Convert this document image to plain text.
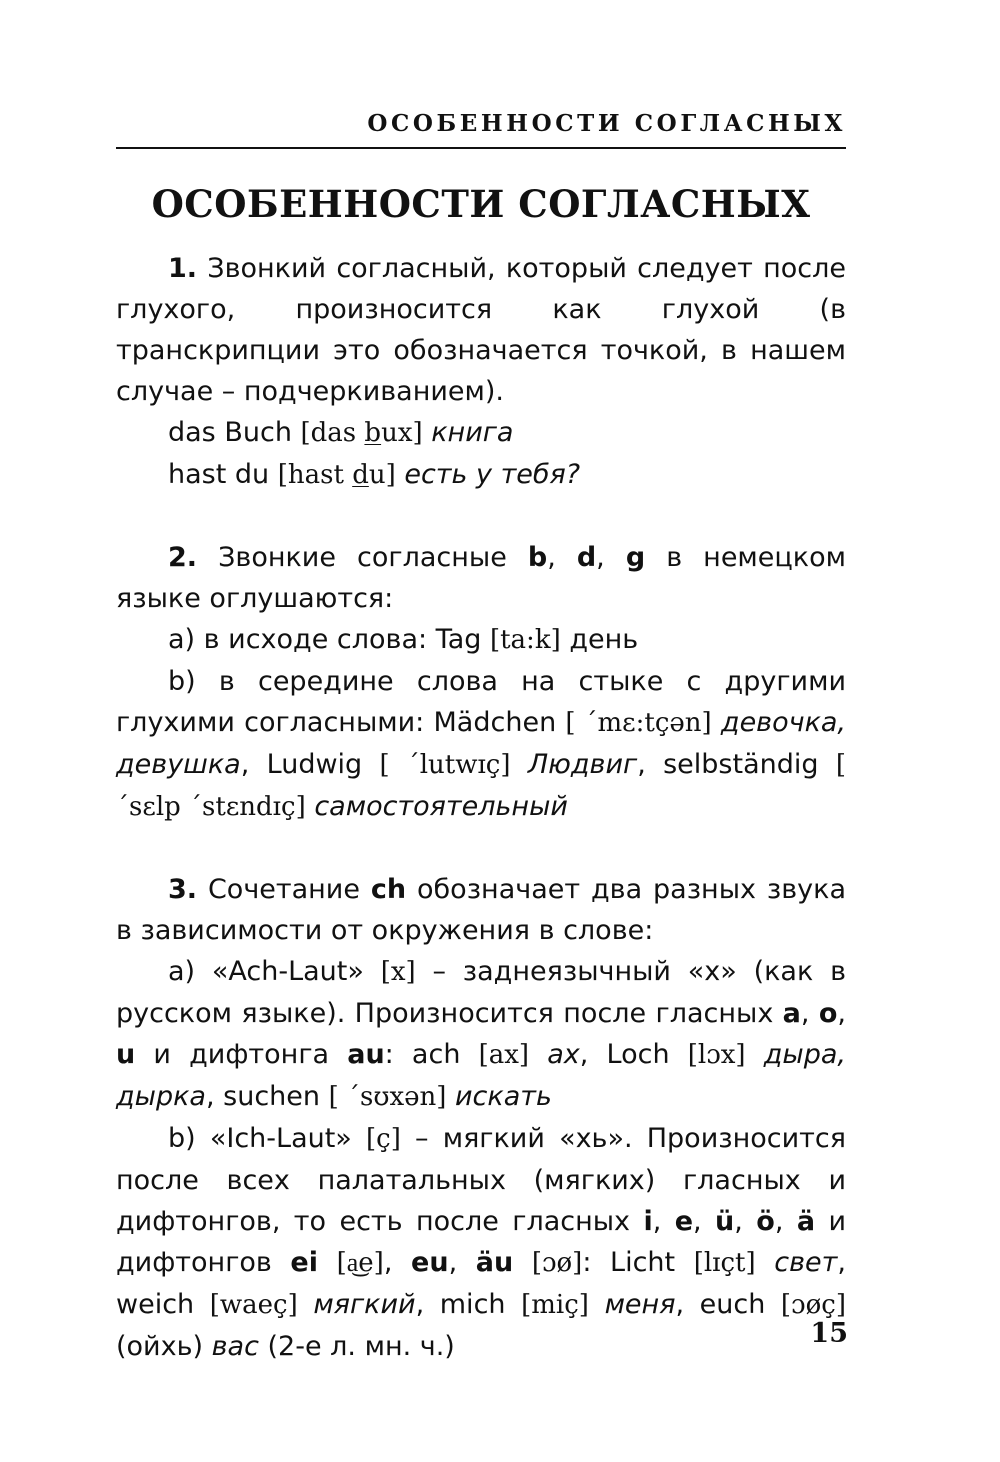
ОСОБЕННОСТИ СОГЛАСНЫХ
ОСОБЕННОСТИ СОГЛАСНЫХ

1. Звонкий согласный, который следует после глухого, произносится как глухой (в транскрипции это обозначается точкой, в нашем случае – подчеркиванием).

das Buch [das bux] книга

hast du [hast du] есть у тебя?

2. Звонкие согласные b, d, g в немецком языке оглушаются:

a) в исходе слова: Tag [ta:k] день

b) в середине слова на стыке с другими глухими согласными: Mädchen [ ´mɛ:tçən] девочка, девушка, Ludwig [ ´lutwɪç] Людвиг, selbständig [ ´sɛlp ´stɛndɪç] самостоятельный

3. Сочетание ch обозначает два разных звука в зависимости от окружения в слове:

a) «Ach-Laut» [x] – заднеязычный «х» (как в русском языке). Произносится после гласных a, o, u и дифтонга au: ach [ax] ах, Loch [lɔx] дыра, дырка, suchen [ ´sʊxən] искать

b) «Ich-Laut» [ç] – мягкий «хь». Произносится после всех палатальных (мягких) гласных и дифтонгов, то есть после гласных i, e, ü, ö, ä и дифтонгов ei [a͜e], eu, äu [ɔø]: Licht [lɪçt] свет, weich [waeç] мягкий, mich [miç] меня, euch [ɔøç] (ойхь) вас (2-е л. мн. ч.)	15
